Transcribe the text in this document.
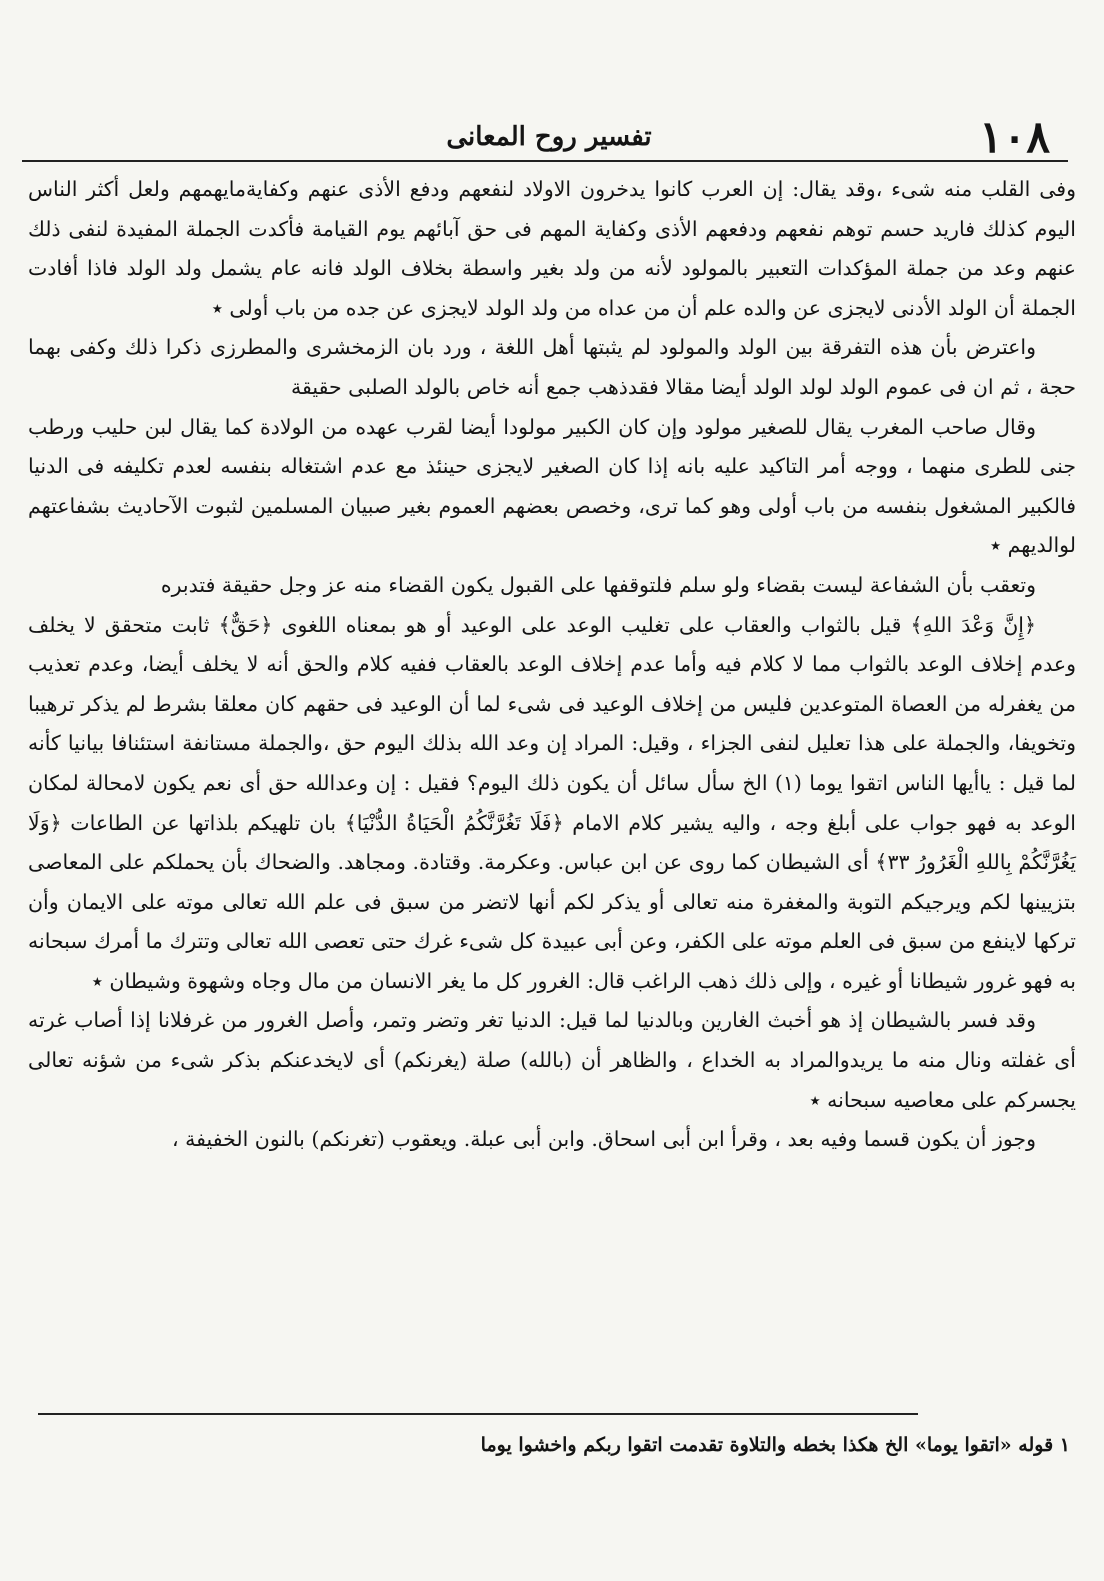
١٠٨
تفسير روح المعانى

وفى القلب منه شىء ،وقد يقال: إن العرب كانوا يدخرون الاولاد لنفعهم ودفع الأذى عنهم وكفايةمايهمهم ولعل أكثر الناس اليوم كذلك فاريد حسم توهم نفعهم ودفعهم الأذى وكفاية المهم فى حق آبائهم يوم القيامة فأكدت الجملة المفيدة لنفى ذلك عنهم وعد من جملة المؤكدات التعبير بالمولود لأنه من ولد بغير واسطة بخلاف الولد فانه عام يشمل ولد الولد فاذا أفادت الجملة أن الولد الأدنى لايجزى عن والده علم أن من عداه من ولد الولد لايجزى عن جده من باب أولى ٭

واعترض بأن هذه التفرقة بين الولد والمولود لم يثبتها أهل اللغة ، ورد بان الزمخشرى والمطرزى ذكرا ذلك وكفى بهما حجة ، ثم ان فى عموم الولد لولد الولد أيضا مقالا فقدذهب جمع أنه خاص بالولد الصلبى حقيقة

وقال صاحب المغرب يقال للصغير مولود وإن كان الكبير مولودا أيضا لقرب عهده من الولادة كما يقال لبن حليب ورطب جنى للطرى منهما ، ووجه أمر التاكيد عليه بانه إذا كان الصغير لايجزى حينئذ مع عدم اشتغاله بنفسه لعدم تكليفه فى الدنيا فالكبير المشغول بنفسه من باب أولى وهو كما ترى، وخصص بعضهم العموم بغير صبيان المسلمين لثبوت الآحاديث بشفاعتهم لوالديهم ٭

وتعقب بأن الشفاعة ليست بقضاء ولو سلم فلتوقفها على القبول يكون القضاء منه عز وجل حقيقة فتدبره

﴿إِنَّ وَعْدَ اللهِ﴾ قيل بالثواب والعقاب على تغليب الوعد على الوعيد أو هو بمعناه اللغوى ﴿حَقٌّ﴾ ثابت متحقق لا يخلف وعدم إخلاف الوعد بالثواب مما لا كلام فيه وأما عدم إخلاف الوعد بالعقاب ففيه كلام والحق أنه لا يخلف أيضا، وعدم تعذيب من يغفرله من العصاة المتوعدين فليس من إخلاف الوعيد فى شىء لما أن الوعيد فى حقهم كان معلقا بشرط لم يذكر ترهيبا وتخويفا، والجملة على هذا تعليل لنفى الجزاء ، وقيل: المراد إن وعد الله بذلك اليوم حق ،والجملة مستانفة استئنافا بيانيا كأنه لما قيل : ياأيها الناس اتقوا يوما (١) الخ سأل سائل أن يكون ذلك اليوم؟ فقيل : إن وعدالله حق أى نعم يكون لامحالة لمكان الوعد به فهو جواب على أبلغ وجه ، واليه يشير كلام الامام ﴿فَلَا تَغُرَّنَّكُمُ الْحَيَاةُ الدُّنْيَا﴾ بان تلهيكم بلذاتها عن الطاعات ﴿وَلَا يَغُرَّنَّكُمْ بِاللهِ الْغَرُورُ ٣٣﴾ أى الشيطان كما روى عن ابن عباس. وعكرمة. وقتادة. ومجاهد. والضحاك بأن يحملكم على المعاصى بتزيينها لكم ويرجيكم التوبة والمغفرة منه تعالى أو يذكر لكم أنها لاتضر من سبق فى علم الله تعالى موته على الايمان وأن تركها لاينفع من سبق فى العلم موته على الكفر، وعن أبى عبيدة كل شىء غرك حتى تعصى الله تعالى وتترك ما أمرك سبحانه به فهو غرور شيطانا أو غيره ، وإلى ذلك ذهب الراغب قال: الغرور كل ما يغر الانسان من مال وجاه وشهوة وشيطان ٭

وقد فسر بالشيطان إذ هو أخبث الغارين وبالدنيا لما قيل: الدنيا تغر وتضر وتمر، وأصل الغرور من غرفلانا إذا أصاب غرته أى غفلته ونال منه ما يريدوالمراد به الخداع ، والظاهر أن (بالله) صلة (يغرنكم) أى لايخدعنكم بذكر شىء من شؤنه تعالى يجسركم على معاصيه سبحانه ٭

وجوز أن يكون قسما وفيه بعد ، وقرأ ابن أبى اسحاق. وابن أبى عبلة. ويعقوب (تغرنكم) بالنون الخفيفة ،

١ قوله «اتقوا يوما» الخ هكذا بخطه والتلاوة تقدمت اتقوا ربكم واخشوا يوما
